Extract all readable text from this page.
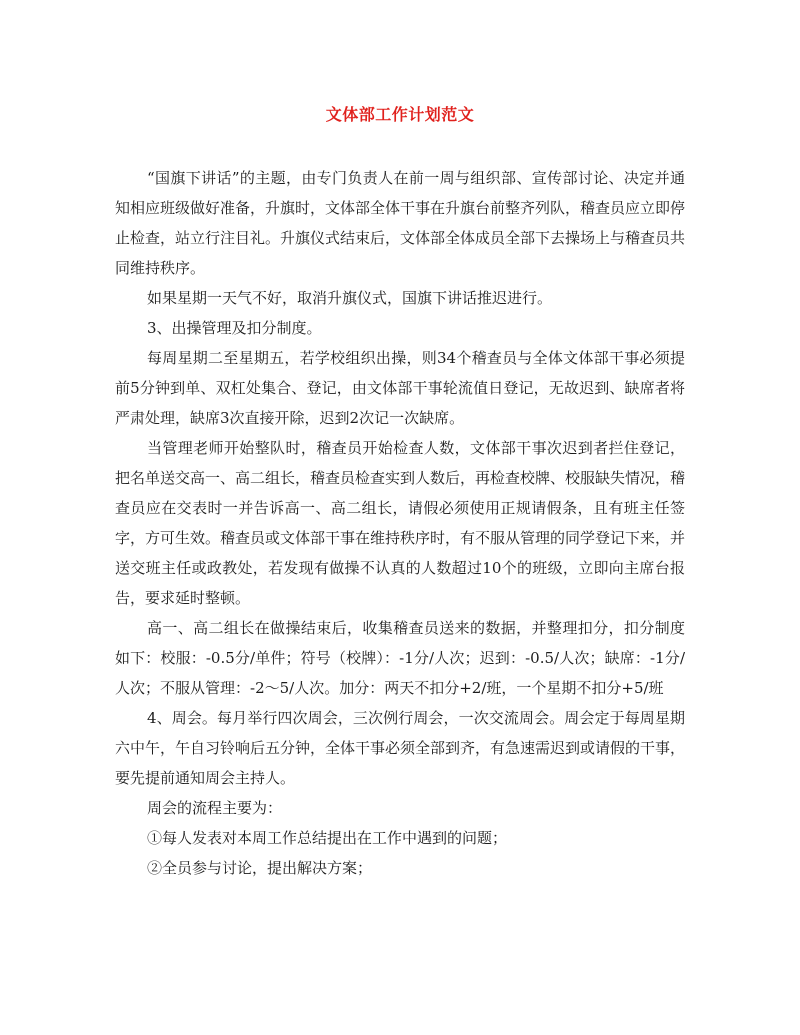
文体部工作计划范文

“国旗下讲话”的主题，由专门负责人在前一周与组织部、宣传部讨论、决定并通知相应班级做好准备，升旗时，文体部全体干事在升旗台前整齐列队，稽查员应立即停止检查，站立行注目礼。升旗仪式结束后，文体部全体成员全部下去操场上与稽查员共同维持秩序。

如果星期一天气不好，取消升旗仪式，国旗下讲话推迟进行。

3、出操管理及扣分制度。

每周星期二至星期五，若学校组织出操，则34个稽查员与全体文体部干事必须提前5分钟到单、双杠处集合、登记，由文体部干事轮流值日登记，无故迟到、缺席者将严肃处理，缺席3次直接开除，迟到2次记一次缺席。

当管理老师开始整队时，稽查员开始检查人数，文体部干事次迟到者拦住登记，把名单送交高一、高二组长，稽查员检查实到人数后，再检查校牌、校服缺失情况，稽查员应在交表时一并告诉高一、高二组长，请假必须使用正规请假条，且有班主任签字，方可生效。稽查员或文体部干事在维持秩序时，有不服从管理的同学登记下来，并送交班主任或政教处，若发现有做操不认真的人数超过10个的班级，立即向主席台报告，要求延时整顿。

高一、高二组长在做操结束后，收集稽查员送来的数据，并整理扣分，扣分制度如下：校服：-0.5分/单件；符号（校牌）：-1分/人次；迟到：-0.5/人次；缺席：-1分/人次；不服从管理：-2～5/人次。加分：两天不扣分+2/班，一个星期不扣分+5/班

4、周会。每月举行四次周会，三次例行周会，一次交流周会。周会定于每周星期六中午，午自习铃响后五分钟，全体干事必须全部到齐，有急速需迟到或请假的干事，要先提前通知周会主持人。

周会的流程主要为：

①每人发表对本周工作总结提出在工作中遇到的问题；

②全员参与讨论，提出解决方案；
